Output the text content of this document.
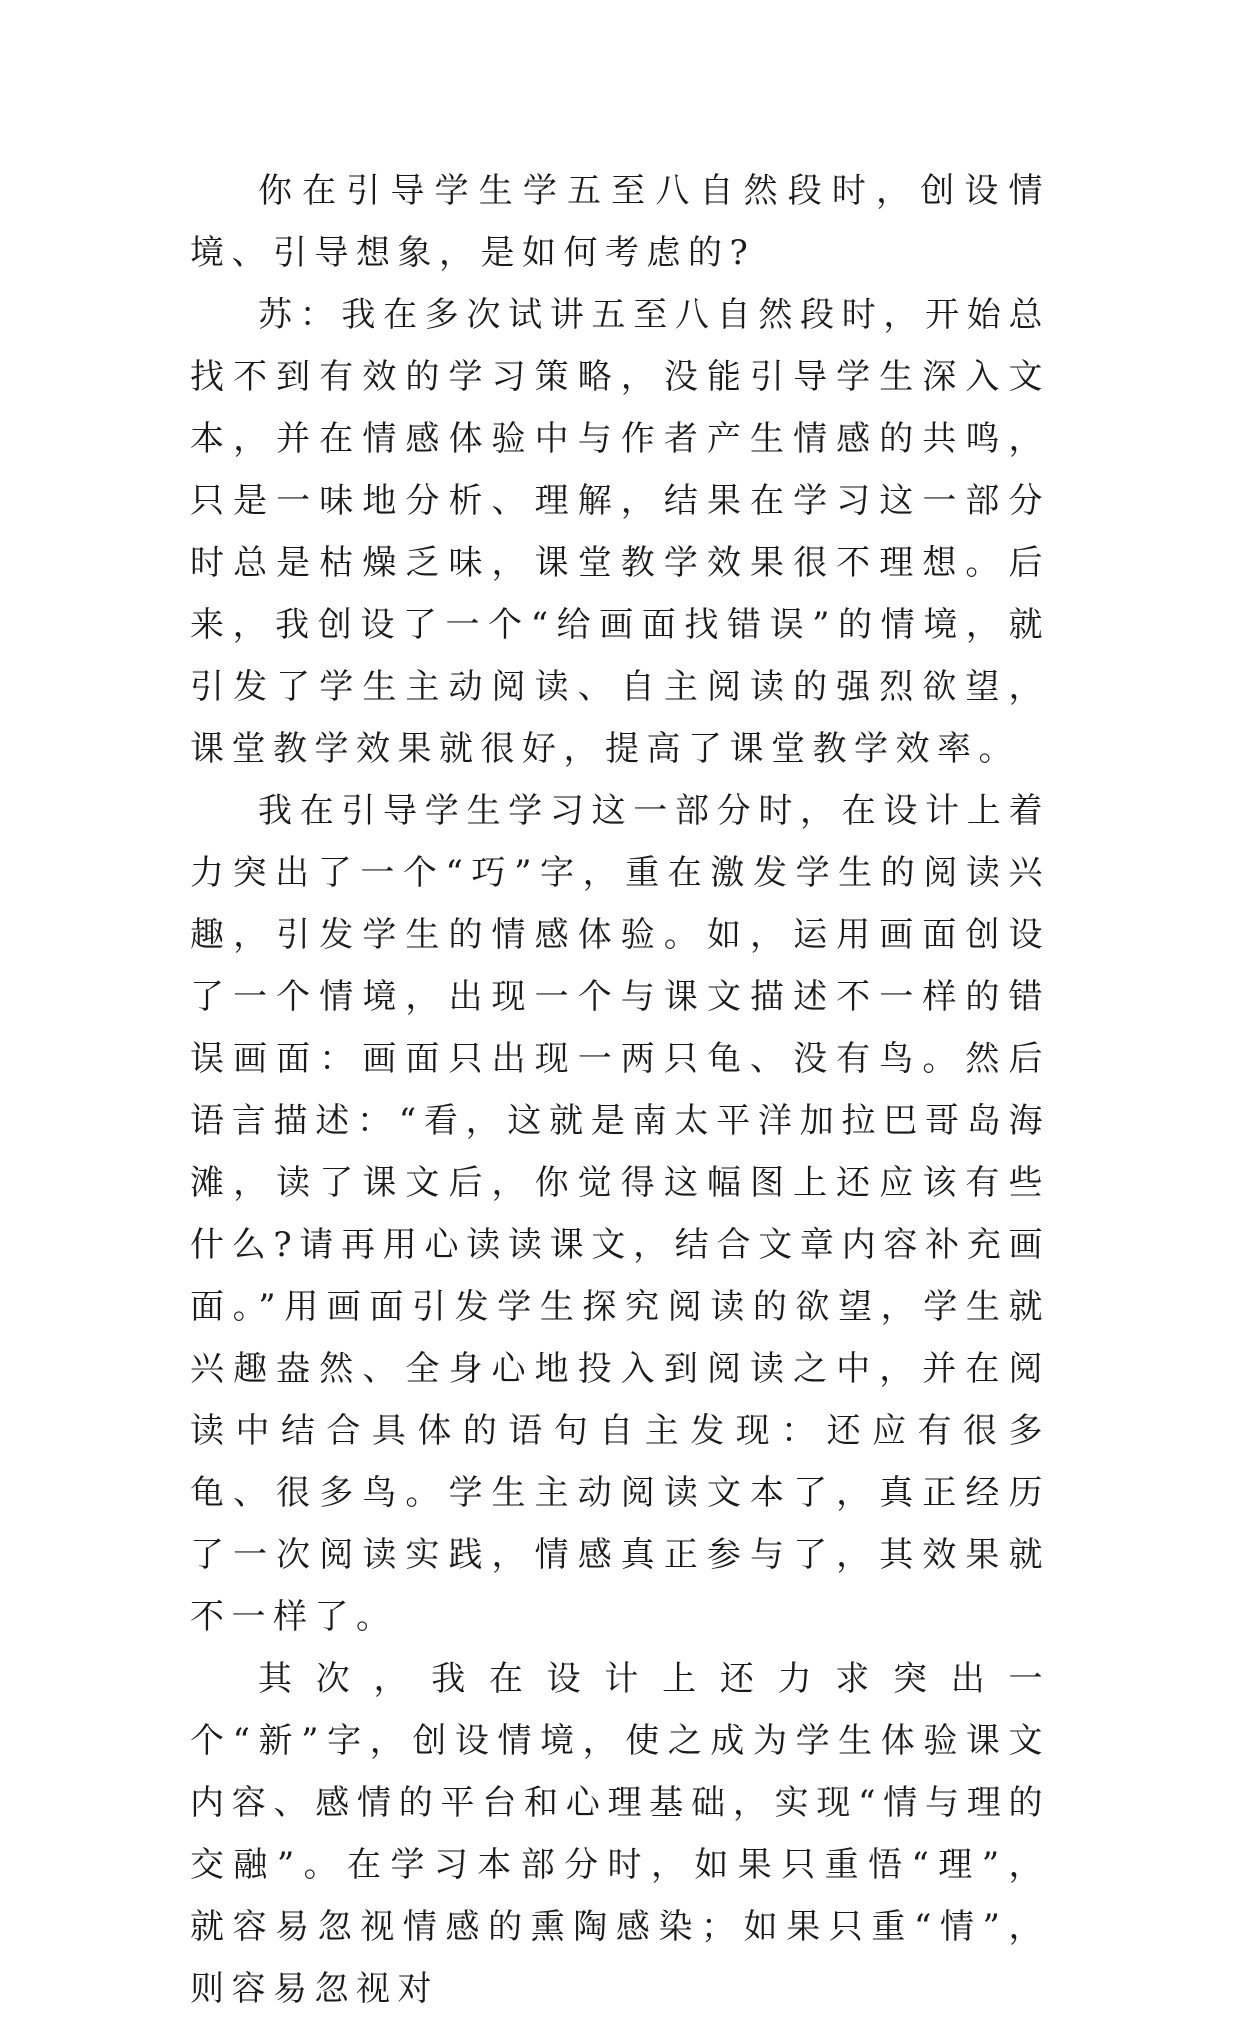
你在引导学生学五至八自然段时，创设情境、引导想象，是如何考虑的?

苏：我在多次试讲五至八自然段时，开始总找不到有效的学习策略，没能引导学生深入文本，并在情感体验中与作者产生情感的共鸣，只是一味地分析、理解，结果在学习这一部分时总是枯燥乏味，课堂教学效果很不理想。后来，我创设了一个“给画面找错误”的情境，就引发了学生主动阅读、自主阅读的强烈欲望，课堂教学效果就很好，提高了课堂教学效率。

我在引导学生学习这一部分时，在设计上着力突出了一个“巧”字，重在激发学生的阅读兴趣，引发学生的情感体验。如，运用画面创设了一个情境，出现一个与课文描述不一样的错误画面：画面只出现一两只龟、没有鸟。然后语言描述：“看，这就是南太平洋加拉巴哥岛海滩，读了课文后，你觉得这幅图上还应该有些什么?请再用心读读课文，结合文章内容补充画面。”用画面引发学生探究阅读的欲望，学生就兴趣盎然、全身心地投入到阅读之中，并在阅读中结合具体的语句自主发现：还应有很多龟、很多鸟。学生主动阅读文本了，真正经历了一次阅读实践，情感真正参与了，其效果就不一样了。

其次，我在设计上还力求突出一个“新”字，创设情境，使之成为学生体验课文内容、感情的平台和心理基础，实现“情与理的交融”。在学习本部分时，如果只重悟“理”，就容易忽视情感的熏陶感染；如果只重“情”，则容易忽视对
